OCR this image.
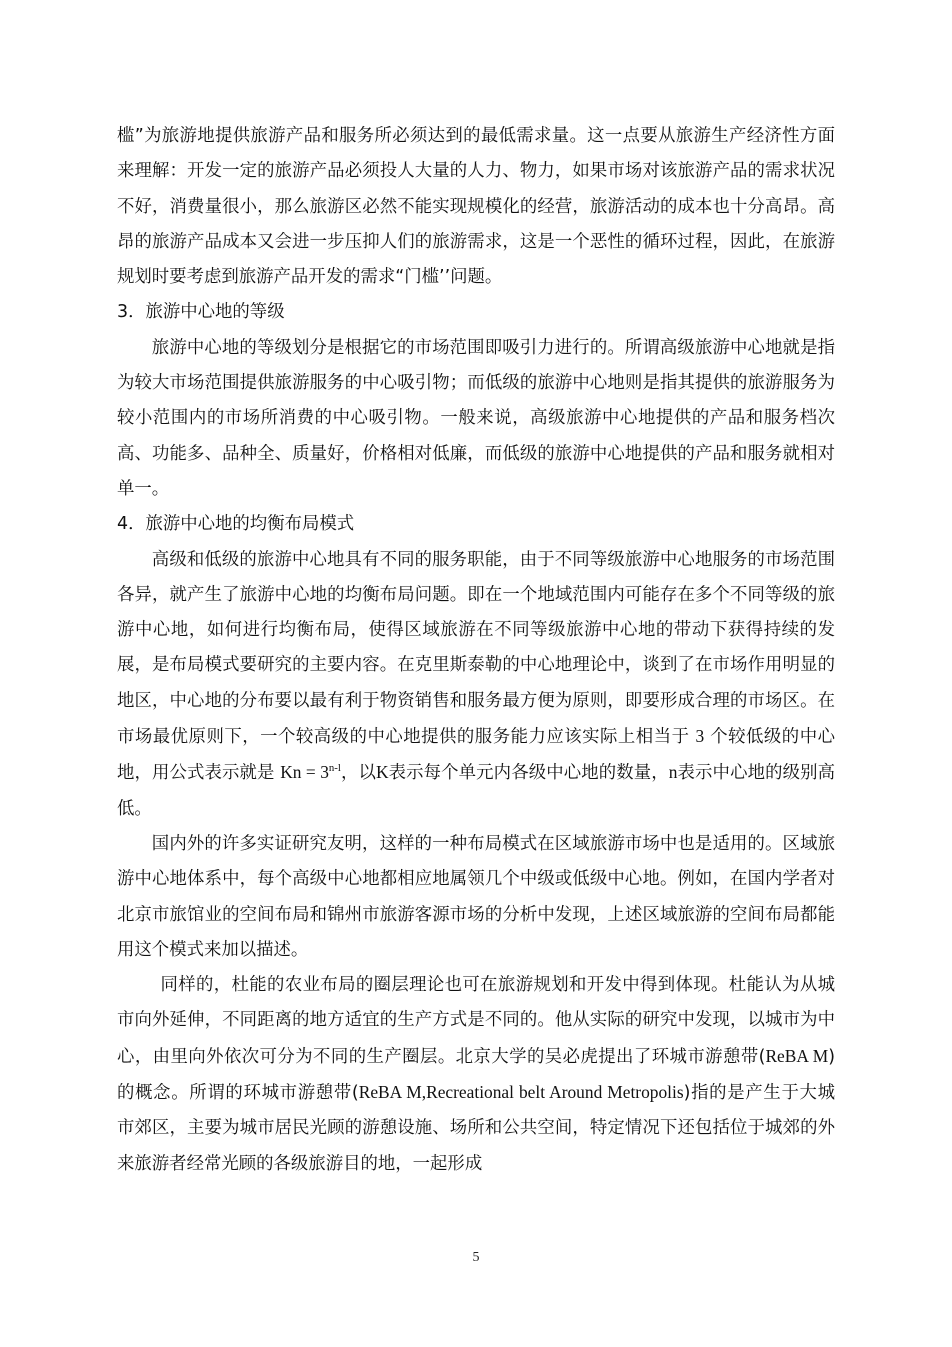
槛”为旅游地提供旅游产品和服务所必须达到的最低需求量。这一点要从旅游生产经济性方面来理解：开发一定的旅游产品必须投人大量的人力、物力，如果市场对该旅游产品的需求状况不好，消费量很小，那么旅游区必然不能实现规模化的经营，旅游活动的成本也十分高昂。高昂的旅游产品成本又会进一步压抑人们的旅游需求，这是一个恶性的循环过程，因此，在旅游规划时要考虑到旅游产品开发的需求“门槛’’问题。

3．旅游中心地的等级

旅游中心地的等级划分是根据它的市场范围即吸引力进行的。所谓高级旅游中心地就是指为较大市场范围提供旅游服务的中心吸引物；而低级的旅游中心地则是指其提供的旅游服务为较小范围内的市场所消费的中心吸引物。一般来说，高级旅游中心地提供的产品和服务档次高、功能多、品种全、质量好，价格相对低廉，而低级的旅游中心地提供的产品和服务就相对单一。

4．旅游中心地的均衡布局模式

高级和低级的旅游中心地具有不同的服务职能，由于不同等级旅游中心地服务的市场范围各异，就产生了旅游中心地的均衡布局问题。即在一个地域范围内可能存在多个不同等级的旅游中心地，如何进行均衡布局，使得区域旅游在不同等级旅游中心地的带动下获得持续的发展，是布局模式要研究的主要内容。在克里斯泰勒的中心地理论中，谈到了在市场作用明显的地区，中心地的分布要以最有利于物资销售和服务最方便为原则，即要形成合理的市场区。在市场最优原则下，一个较高级的中心地提供的服务能力应该实际上相当于 3 个较低级的中心地，用公式表示就是 $Kn = 3^{n-l}$，以K表示每个单元内各级中心地的数量，n表示中心地的级别高低。

国内外的许多实证研究友明，这样的一种布局模式在区域旅游市场中也是适用的。区域旅游中心地体系中，每个高级中心地都相应地属领几个中级或低级中心地。例如，在国内学者对北京市旅馆业的空间布局和锦州市旅游客源市场的分析中发现，上述区域旅游的空间布局都能用这个模式来加以描述。

同样的，杜能的农业布局的圈层理论也可在旅游规划和开发中得到体现。杜能认为从城市向外延伸，不同距离的地方适宜的生产方式是不同的。他从实际的研究中发现，以城市为中心，由里向外依次可分为不同的生产圈层。北京大学的吴必虎提出了环城市游憩带(ReBA M)的概念。所谓的环城市游憩带(ReBA M,Recreational belt Around Metropolis)指的是产生于大城市郊区，主要为城市居民光顾的游憩设施、场所和公共空间，特定情况下还包括位于城郊的外来旅游者经常光顾的各级旅游目的地，一起形成

5
